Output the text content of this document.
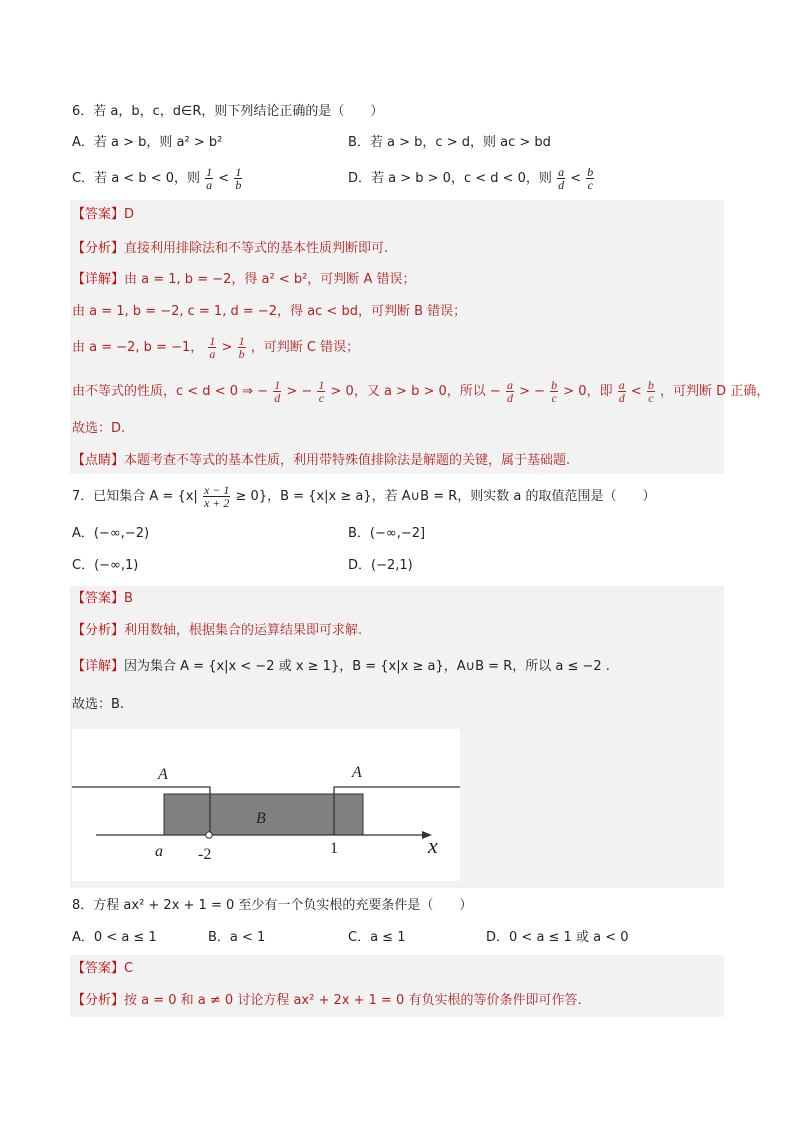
6．若 a，b，c，d∈R，则下列结论正确的是（　　）
A．若 a > b，则 a² > b²	B．若 a > b，c > d，则 ac > bd
C．若 a < b < 0，则 $\frac{1}{a} < \frac{1}{b}$	D．若 a > b > 0，c < d < 0，则 $\frac{a}{d} < \frac{b}{c}$
【答案】D
【分析】直接利用排除法和不等式的基本性质判断即可.
【详解】由 a = 1, b = −2，得 a² < b²，可判断 A 错误；
由 a = 1, b = −2, c = 1, d = −2，得 ac < bd，可判断 B 错误；
由 a = −2, b = −1， $\frac{1}{a} > \frac{1}{b}$ ，可判断 C 错误；
由不等式的性质，c < d < 0 ⇒ − $\frac{1}{d}$ > − $\frac{1}{c} > 0$，又 a > b > 0，所以 − $\frac{a}{d}$ > − $\frac{b}{c} > 0$，即 $\frac{a}{d} < \frac{b}{c}$ ，可判断 D 正确，
故选：D.
【点睛】本题考查不等式的基本性质，利用带特殊值排除法是解题的关键，属于基础题.
7．已知集合 $A = \{x| \frac{x - 1}{x + 2} \ge 0\}$，B = {x|x ≥ a}，若 A∪B = R，则实数 a 的取值范围是（　　）
A．(−∞,−2)	B．(−∞,−2]
C．(−∞,1)	D．(−2,1)
【答案】B
【分析】利用数轴，根据集合的运算结果即可求解.
【详解】因为集合 A = {x|x < −2 或 x ≥ 1}，B = {x|x ≥ a}，A∪B = R，所以 a ≤ −2 .
故选：B.
A	A
B
a -2	1	x
8．方程 ax² + 2x + 1 = 0 至少有一个负实根的充要条件是（　　）
A．0 < a ≤ 1	B．a < 1	C．a ≤ 1	D．0 < a ≤ 1 或 a < 0
【答案】C
【分析】按 a = 0 和 a ≠ 0 讨论方程 ax² + 2x + 1 = 0 有负实根的等价条件即可作答.
